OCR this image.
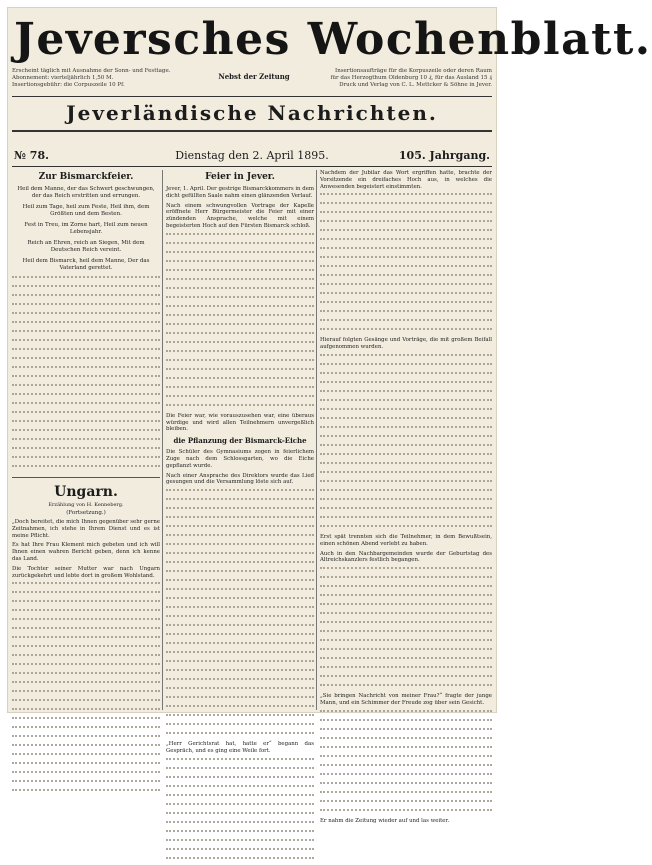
Jeversches Wochenblatt.
Erscheint täglich mit Ausnahme der Sonn- und Festtage.
Abonnement: vierteljährlich 1,50 M.
Insertionsgebühr: die Corpuszeile 10 Pf.
Nebst der Zeitung
Insertionsaufträge für die Korpuszeile oder deren Raum
für das Herzogthum Oldenburg 10 ₰, für das Ausland 15 ₰
Druck und Verlag von C. L. Mettcker & Söhne in Jever.
Jeverländische Nachrichten.
№ 78.	Dienstag den 2. April 1895.	105. Jahrgang.
Zur Bismarckfeier.

Heil dem Manne, der das Schwert geschwungen, der das Reich erstritten und errungen.

Heil zum Tage, heil zum Feste, Heil ihm, dem Größten und dem Besten.

Fest in Treu, im Zorne hart, Heil zum neuen Lebensjahr.

Reich an Ehren, reich an Siegen, Mit dem Deutschen Reich vereint.

Heil dem Bismarck, heil dem Manne, Der das Vaterland gerettet.

Ungarn.
Erzählung von H. Kenneberg.
(Fortsetzung.)

„Doch bereitet, die mich Ihnen gegenüber sehr gerne Zeitnahmen, ich stehe in Ihrem Dienst und es ist meine Pflicht.

Es hat Ihre Frau Klement mich gebeten und ich will Ihnen einen wahren Bericht geben, denn ich kenne das Land.

Die Tochter seiner Mutter war nach Ungarn zurückgekehrt und lebte dort in großem Wohlstand.

Feier in Jever.

Jever, 1. April. Der gestrige Bismarckkommers in dem dicht gefüllten Saale nahm einen glänzenden Verlauf.

Nach einem schwungvollen Vortrage der Kapelle eröffnete Herr Bürgermeister die Feier mit einer zündenden Ansprache, welche mit einem begeisterten Hoch auf den Fürsten Bismarck schloß.

Die Feier war, wie vorauszusehen war, eine überaus würdige und wird allen Teilnehmern unvergeßlich bleiben.

die Pflanzung der Bismarck-Eiche

Die Schüler des Gymnasiums zogen in feierlichem Zuge nach dem Schlossgarten, wo die Eiche gepflanzt wurde.

Nach einer Ansprache des Direktors wurde das Lied gesungen und die Versammlung löste sich auf.

„Herr Gerichtsrat hat, hatte er“ begann das Gespräch, und es ging eine Weile fort.

Nachdem der Jubilar das Wort ergriffen hatte, brachte der Vorsitzende ein dreifaches Hoch aus, in welches die Anwesenden begeistert einstimmten.

Hierauf folgten Gesänge und Vorträge, die mit großem Beifall aufgenommen wurden.

Erst spät trennten sich die Teilnehmer, in dem Bewußtsein, einen schönen Abend verlebt zu haben.

Auch in den Nachbargemeinden wurde der Geburtstag des Altreichskanzlers festlich begangen.

„Sie bringen Nachricht von meiner Frau?“ fragte der junge Mann, und ein Schimmer der Freude zog über sein Gesicht.

Er nahm die Zeitung wieder auf und las weiter.
